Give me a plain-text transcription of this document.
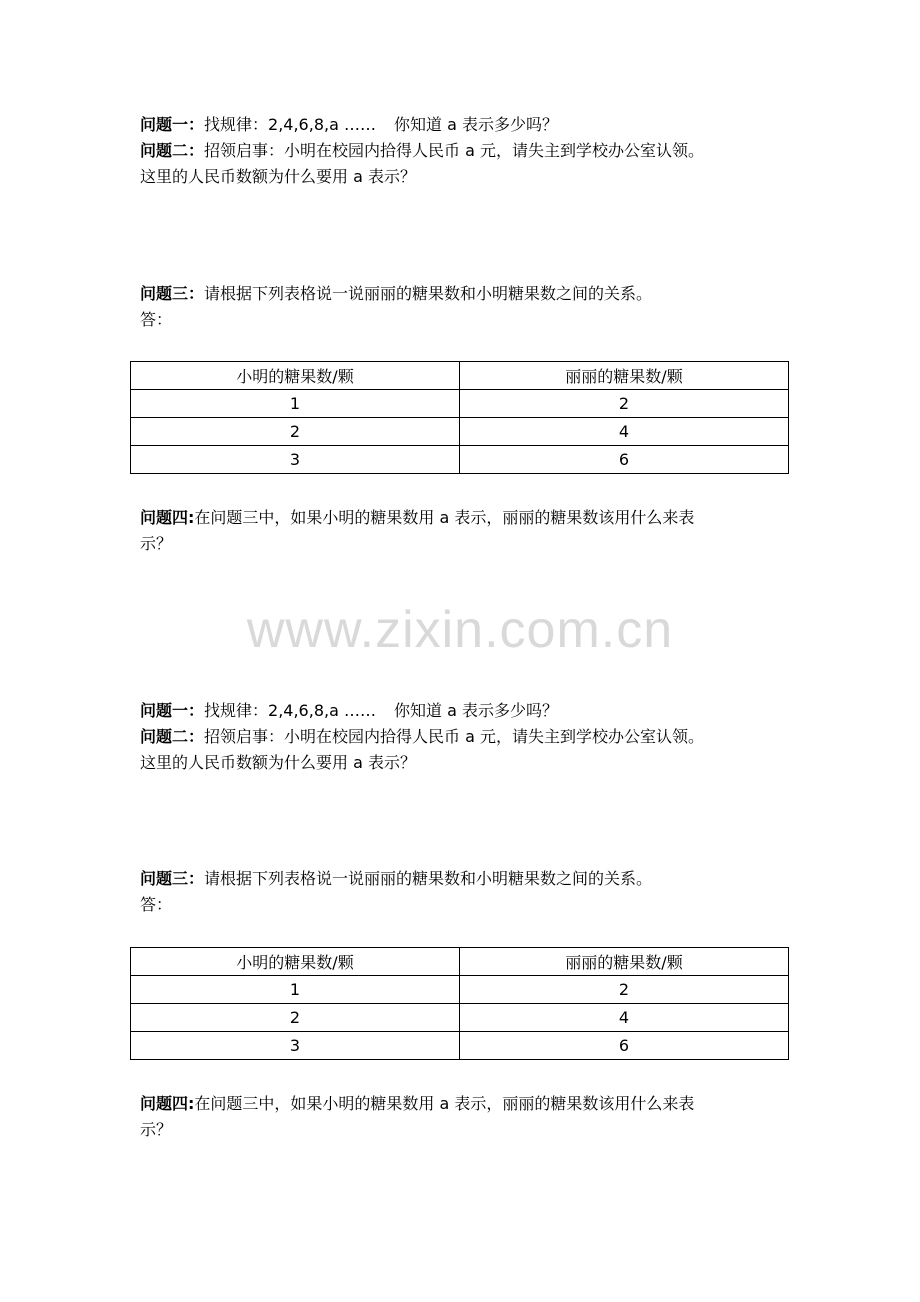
问题一：找规律：2,4,6,8,a …… 你知道 a 表示多少吗？
问题二：招领启事：小明在校园内拾得人民币 a 元，请失主到学校办公室认领。
这里的人民币数额为什么要用 a 表示？
问题三：请根据下列表格说一说丽丽的糖果数和小明糖果数之间的关系。
答：
小明的糖果数/颗	丽丽的糖果数/颗
1	2
2	4
3	6
问题四:在问题三中，如果小明的糖果数用 a 表示，丽丽的糖果数该用什么来表
示？
www.zixin.com.cn
问题一：找规律：2,4,6,8,a …… 你知道 a 表示多少吗？
问题二：招领启事：小明在校园内拾得人民币 a 元，请失主到学校办公室认领。
这里的人民币数额为什么要用 a 表示？
问题三：请根据下列表格说一说丽丽的糖果数和小明糖果数之间的关系。
答：
小明的糖果数/颗	丽丽的糖果数/颗
1	2
2	4
3	6
问题四:在问题三中，如果小明的糖果数用 a 表示，丽丽的糖果数该用什么来表
示？
